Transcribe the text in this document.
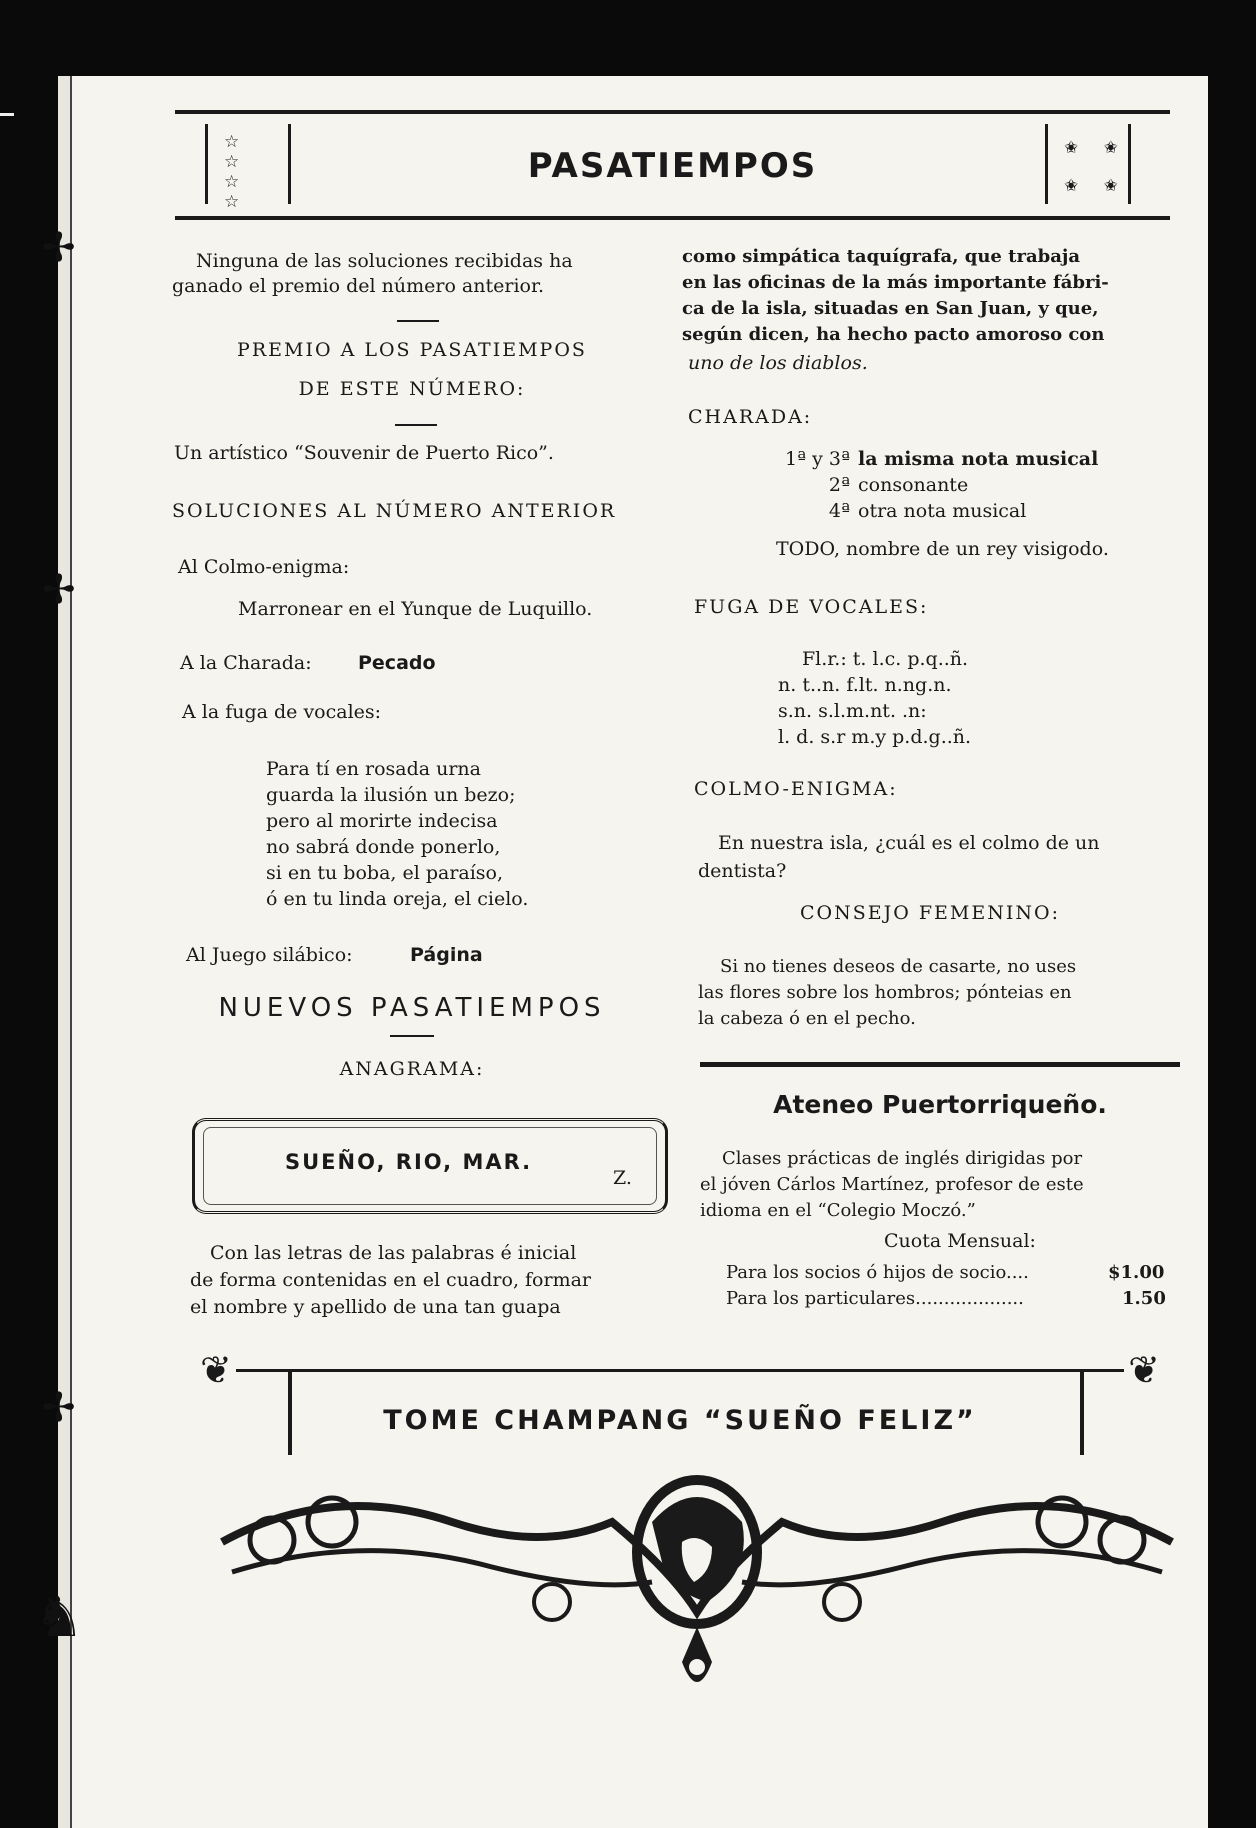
✢
✢
✢
♞
☆ ☆
☆ ☆
PASATIEMPOS	✬ ✬
✬ ✬
Ninguna de las soluciones recibidas ha
ganado el premio del número anterior.
PREMIO A LOS PASATIEMPOS
DE ESTE NÚMERO:
Un artístico “Souvenir de Puerto Rico”.
SOLUCIONES AL NÚMERO ANTERIOR
Al Colmo-enigma:
Marronear en el Yunque de Luquillo.
A la Charada: Pecado
A la fuga de vocales:
Para tí en rosada urna
guarda la ilusión un bezo;
pero al morirte indecisa
no sabrá donde ponerlo,
si en tu boba, el paraíso,
ó en tu linda oreja, el cielo.
Al Juego silábico:	Página
NUEVOS PASATIEMPOS
ANAGRAMA:
SUEÑO, RIO, MAR.
Z.
Con las letras de las palabras é inicial
de forma contenidas en el cuadro, formar
el nombre y apellido de una tan guapa
como simpática taquígrafa, que trabaja
en las oficinas de la más importante fábri-
ca de la isla, situadas en San Juan, y que,
según dicen, ha hecho pacto amoroso con
uno de los diablos.
CHARADA:
1ª y 3ª la misma nota musical
2ª consonante
4ª otra nota musical
TODO, nombre de un rey visigodo.
FUGA DE VOCALES:
Fl.r.: t. l.c. p.q..ñ.
n. t..n. f.lt. n.ng.n.
s.n. s.l.m.nt. .n:
l. d. s.r m.y p.d.g..ñ.
COLMO-ENIGMA:
En nuestra isla, ¿cuál es el colmo de un
dentista?
CONSEJO FEMENINO:
Si no tienes deseos de casarte, no uses
las flores sobre los hombros; pónteias en
la cabeza ó en el pecho.
Ateneo Puertorriqueño.
Clases prácticas de inglés dirigidas por
el jóven Cárlos Martínez, profesor de este
idioma en el “Colegio Moczó.”
Cuota Mensual:
Para los socios ó hijos de socio....	$1.00
Para los particulares...................	1.50
❦	❦
TOME CHAMPANG “SUEÑO FELIZ”
